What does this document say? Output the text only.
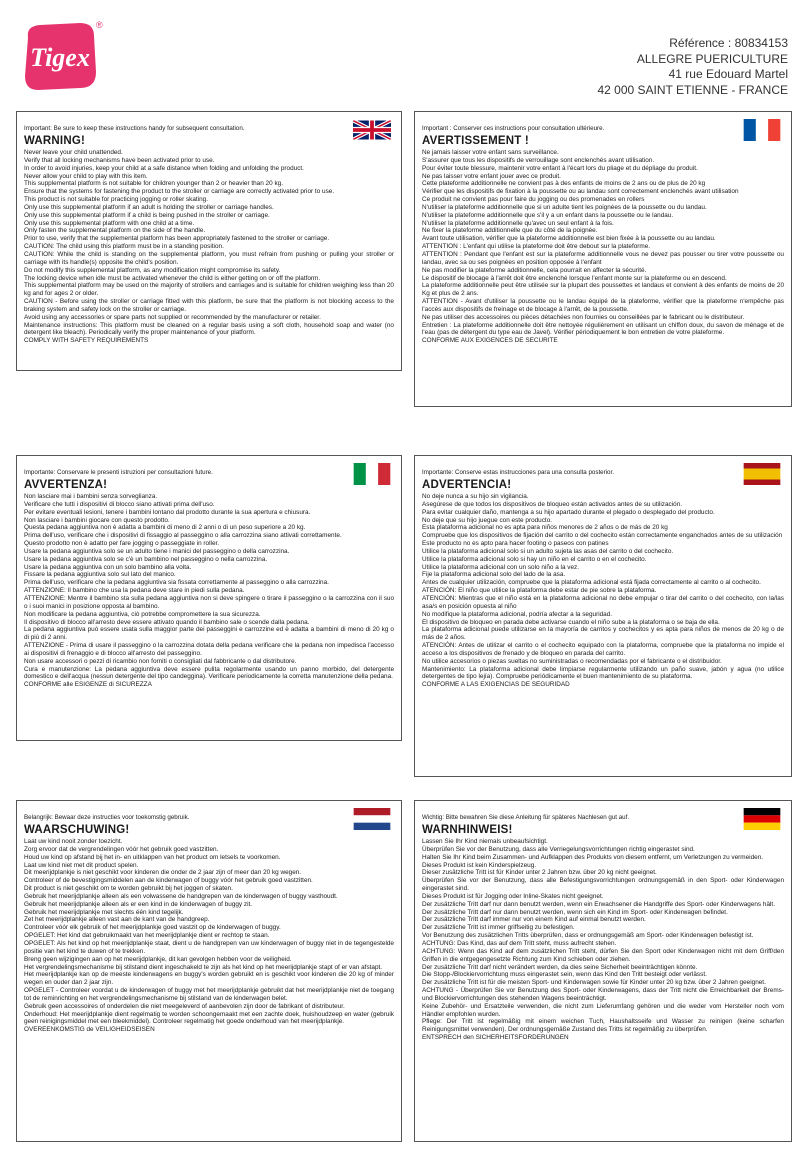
Tigex
®
Référence : 80834153
ALLEGRE PUERICULTURE
41 rue Edouard Martel
42 000 SAINT ETIENNE - FRANCE
Important: Be sure to keep these instructions handy for subsequent consultation.
WARNING!
Never leave your child unattended.
Verify that all locking mechanisms have been activated prior to use.
In order to avoid injuries, keep your child at a safe distance when folding and unfolding the product.
Never allow your child to play with this item.
This supplemental platform is not suitable for children younger than 2 or heavier than 20 kg.
Ensure that the systems for fastening the product to the stroller or carriage are correctly activated prior to use.
This product is not suitable for practicing jogging or roller skating.
Only use this supplemental platform if an adult is holding the stroller or carriage handles.
Only use this supplemental platform if a child is being pushed in the stroller or carriage.
Only use this supplemental platform with one child at a time.
Only fasten the supplemental platform on the side of the handle.
Prior to use, verify that the supplemental platform has been appropriately fastened to the stroller or carriage.
CAUTION: The child using this platform must be in a standing position.
CAUTION: While the child is standing on the supplemental platform, you must refrain from pushing or pulling your stroller or carriage with its handle(s) opposite the child's position.
Do not modify this supplemental platform, as any modification might compromise its safety.
The locking device when idle must be activated whenever the child is either getting on or off the platform.
This supplemental platform may be used on the majority of strollers and carriages and is suitable for children weighing less than 20 kg and for ages 2 or older.
CAUTION - Before using the stroller or carriage fitted with this platform, be sure that the platform is not blocking access to the braking system and safety lock on the stroller or carriage.
Avoid using any accessories or spare parts not supplied or recommended by the manufacturer or retailer.
Maintenance instructions: This platform must be cleaned on a regular basis using a soft cloth, household soap and water (no detergent like bleach). Periodically verify the proper maintenance of your platform.
COMPLY WITH SAFETY REQUIREMENTS
Important : Conserver ces instructions pour consultation ultérieure.
AVERTISSEMENT !
Ne jamais laisser votre enfant sans surveillance.
S'assurer que tous les dispositifs de verrouillage sont enclenchés avant utilisation.
Pour éviter toute blessure, maintenir votre enfant à l'écart lors du pliage et du dépliage du produit.
Ne pas laisser votre enfant jouer avec ce produit.
Cette plateforme additionnelle ne convient pas à des enfants de moins de 2 ans ou de plus de 20 kg
Vérifier que les dispositifs de fixation à la poussette ou au landau sont correctement enclenchés avant utilisation
Ce produit ne convient pas pour faire du jogging ou des promenades en rollers
N'utiliser la plateforme additionnelle que si un adulte tient les poignées de la poussette ou du landau.
N'utiliser la plateforme additionnelle que s'il y a un enfant dans la poussette ou le landau.
N'utiliser la plateforme additionnelle qu'avec un seul enfant à la fois.
Ne fixer la plateforme additionnelle que du côté de la poignée.
Avant toute utilisation, vérifier que la plateforme additionnelle est bien fixée à la poussette ou au landau.
ATTENTION : L'enfant qui utilise la plateforme doit être debout sur la plateforme.
ATTENTION : Pendant que l'enfant est sur la plateforme additionnelle vous ne devez pas pousser ou tirer votre poussette ou landau, avec sa ou ses poignées en position opposée à l'enfant
Ne pas modifier la plateforme additionnelle, cela pourrait en affecter la sécurité.
Le dispositif de blocage à l'arrêt doit être enclenché lorsque l'enfant monte sur la plateforme ou en descend.
La plateforme additionnelle peut être utilisée sur la plupart des poussettes et landaus et convient à des enfants de moins de 20 Kg et plus de 2 ans.
ATTENTION - Avant d'utiliser la poussette ou le landau équipé de la plateforme, vérifier que la plateforme n'empêche pas l'accès aux dispositifs de freinage et de blocage à l'arrêt, de la poussette.
Ne pas utiliser des accessoires ou pièces détachées non fournies ou conseillées par le fabricant ou le distributeur.
Entretien : La plateforme additionnelle doit être nettoyée régulièrement en utilisant un chiffon doux, du savon de ménage et de l'eau (pas de détergent du type eau de Javel). Vérifier périodiquement le bon entretien de votre plateforme.
CONFORME AUX EXIGENCES DE SECURITE
Importante: Conservare le presenti istruzioni per consultazioni future.
AVVERTENZA!
Non lasciare mai i bambini senza sorveglianza.
Verificare che tutti i dispositivi di blocco siano attivati prima dell'uso.
Per evitare eventuali lesioni, tenere i bambini lontano dal prodotto durante la sua apertura e chiusura.
Non lasciare i bambini giocare con questo prodotto.
Questa pedana aggiuntiva non è adatta a bambini di meno di 2 anni o di un peso superiore a 20 kg.
Prima dell'uso, verificare che i dispositivi di fissaggio al passeggino o alla carrozzina siano attivati correttamente.
Questo prodotto non è adatto per fare jogging o passeggiate in roller.
Usare la pedana aggiuntiva solo se un adulto tiene i manici del passeggino o della carrozzina.
Usare la pedana aggiuntiva solo se c'è un bambino nel passeggino o nella carrozzina.
Usare la pedana aggiuntiva con un solo bambino alla volta.
Fissare la pedana aggiuntiva solo sul lato del manico.
Prima dell'uso, verificare che la pedana aggiuntiva sia fissata correttamente al passeggino o alla carrozzina.
ATTENZIONE: Il bambino che usa la pedana deve stare in piedi sulla pedana.
ATTENZIONE: Mentre il bambino sta sulla pedana aggiuntiva non si deve spingere o tirare il passeggino o la carrozzina con il suo o i suoi manici in posizione opposta al bambino.
Non modificare la pedana aggiuntiva, ciò potrebbe compromettere la sua sicurezza.
Il dispositivo di blocco all'arresto deve essere attivato quando il bambino sale o scende dalla pedana.
La pedana aggiuntiva può essere usata sulla maggior parte dei passeggini e carrozzine ed è adatta a bambini di meno di 20 kg o di più di 2 anni.
ATTENZIONE - Prima di usare il passeggino o la carrozzina dotata della pedana verificare che la pedana non impedisca l'accesso ai dispositivi di frenaggio e di blocco all'arresto del passeggino.
Non usare accessori o pezzi di ricambio non forniti o consigliati dal fabbricante o dal distributore.
Cura e manutenzione: La pedana aggiuntiva deve essere pulita regolarmente usando un panno morbido, del detergente domestico e dell'acqua (nessun detergente del tipo candeggina). Verificare periodicamente la corretta manutenzione della pedana.
CONFORME alle ESIGENZE di SICUREZZA
Importante: Conserve estas instrucciones para una consulta posterior.
ADVERTENCIA!
No deje nunca a su hijo sin vigilancia.
Asegúrese de que todos los dispositivos de bloqueo están activados antes de su utilización.
Para evitar cualquier daño, mantenga a su hijo apartado durante el plegado o desplegado del producto.
No deje que su hijo juegue con este producto.
Esta plataforma adicional no es apta para niños menores de 2 años o de más de 20 kg
Compruebe que los dispositivos de fijación del carrito o del cochecito están correctamente enganchados antes de su utilización
Este producto no es apto para hacer footing o paseos con patines
Utilice la plataforma adicional solo si un adulto sujeta las asas del carrito o del cochecito.
Utilice la plataforma adicional solo si hay un niño en el carrito o en el cochecito.
Utilice la plataforma adicional con un solo niño a la vez.
Fije la plataforma adicional solo del lado de la asa.
Antes de cualquier utilización, compruebe que la plataforma adicional está fijada correctamente al carrito o al cochecito.
ATENCIÓN: El niño que utilice la plataforma debe estar de pie sobre la plataforma.
ATENCIÓN: Mientras que el niño está en la plataforma adicional no debe empujar o tirar del carrito o del cochecito, con la/las asa/s en posición opuesta al niño
No modifique la plataforma adicional, podría afectar a la seguridad.
El dispositivo de bloqueo en parada debe activarse cuando el niño sube a la plataforma o se baja de ella.
La plataforma adicional puede utilizarse en la mayoría de carritos y cochecitos y es apta para niños de menos de 20 kg o de más de 2 años.
ATENCIÓN: Antes de utilizar el carrito o el cochecito equipado con la plataforma, compruebe que la plataforma no impide el acceso a los dispositivos de frenado y de bloqueo en parada del carrito.
No utilice accesorios o piezas sueltas no suministradas o recomendadas por el fabricante o el distribuidor.
Mantenimiento: La plataforma adicional debe limpiarse regularmente utilizando un paño suave, jabón y agua (no utilice detergentes de tipo lejía). Compruebe periódicamente el buen mantenimiento de su plataforma.
CONFORME A LAS EXIGENCIAS DE SEGURIDAD
Belangrijk: Bewaar deze instructies voor toekomstig gebruik.
WAARSCHUWING!
Laat uw kind nooit zonder toezicht.
Zorg ervoor dat de vergrendelingen vóór het gebruik goed vastzitten.
Houd uw kind op afstand bij het in- en uitklappen van het product om letsels te voorkomen.
Laat uw kind niet met dit product spelen.
Dit meerijdplankje is niet geschikt voor kinderen die onder de 2 jaar zijn of meer dan 20 kg wegen.
Controleer of de bevestigingsmiddelen aan de kinderwagen of buggy vóór het gebruik goed vastzitten.
Dit product is niet geschikt om te worden gebruikt bij het joggen of skaten.
Gebruik het meerijdplankje alleen als een volwassene de handgrepen van de kinderwagen of buggy vasthoudt.
Gebruik het meerijdplankje alleen als er een kind in de kinderwagen of buggy zit.
Gebruik het meerijdplankje met slechts één kind tegelijk.
Zet het meerijdplankje alleen vast aan de kant van de handgreep.
Controleer vóór elk gebruik of het meerijdplankje goed vastzit op de kinderwagen of buggy.
OPGELET: Het kind dat gebruikmaakt van het meerijdplankje dient er rechtop te staan.
OPGELET: Als het kind op het meerijdplankje staat, dient u de handgrepen van uw kinderwagen of buggy niet in de tegengestelde positie van het kind te duwen of te trekken.
Breng geen wijzigingen aan op het meerijdplankje, dit kan gevolgen hebben voor de veiligheid.
Het vergrendelingsmechanisme bij stilstand dient ingeschakeld te zijn als het kind op het meerijdplankje stapt of er van afstapt.
Het meerijdplankje kan op de meeste kinderwagens en buggy's worden gebruikt en is geschikt voor kinderen die 20 kg of minder wegen en ouder dan 2 jaar zijn.
OPGELET - Controleer voordat u de kinderwagen of buggy met het meerijdplankje gebruikt dat het meerijdplankje niet de toegang tot de reminrichting en het vergrendelingsmechanisme bij stilstand van de kinderwagen belet.
Gebruik geen accessoires of onderdelen die niet meegeleverd of aanbevolen zijn door de fabrikant of distributeur.
Onderhoud: Het meerijdplankje dient regelmatig te worden schoongemaakt met een zachte doek, huishoudzeep en water (gebruik geen reinigingsmiddel met een bleekmiddel). Controleer regelmatig het goede onderhoud van het meerijdplankje.
OVEREENKOMSTIG de VEILIGHEIDSEISEN
Wichtig: Bitte bewahren Sie diese Anleitung für späteres Nachlesen gut auf.
WARNHINWEIS!
Lassen Sie Ihr Kind niemals unbeaufsichtigt.
Überprüfen Sie vor der Benutzung, dass alle Verriegelungsvorrichtungen richtig eingerastet sind.
Halten Sie Ihr Kind beim Zusammen- und Aufklappen des Produkts von diesem entfernt, um Verletzungen zu vermeiden.
Dieses Produkt ist kein Kinderspielzeug.
Dieser zusätzliche Tritt ist für Kinder unter 2 Jahren bzw. über 20 kg nicht geeignet.
Überprüfen Sie vor der Benutzung, dass alle Befestigungsvorrichtungen ordnungsgemäß in den Sport- oder Kinderwagen eingerastet sind.
Dieses Produkt ist für Jogging oder Inline-Skates nicht geeignet.
Der zusätzliche Tritt darf nur dann benutzt werden, wenn ein Erwachsener die Handgriffe des Sport- oder Kinderwagens hält.
Der zusätzliche Tritt darf nur dann benutzt werden, wenn sich ein Kind im Sport- oder Kinderwagen befindet.
Der zusätzliche Tritt darf immer nur von einem Kind auf einmal benutzt werden.
Der zusätzliche Tritt ist immer griffseitig zu befestigen.
Vor Benutzung des zusätzlichen Tritts überprüfen, dass er ordnungsgemäß am Sport- oder Kinderwagen befestigt ist.
ACHTUNG: Das Kind, das auf dem Tritt steht, muss aufrecht stehen.
ACHTUNG: Wenn das Kind auf dem zusätzlichen Tritt steht, dürfen Sie den Sport oder Kinderwagen nicht mit dem Griff/den Griffen in die entgegengesetzte Richtung zum Kind schieben oder ziehen.
Der zusätzliche Tritt darf nicht verändert werden, da dies seine Sicherheit beeinträchtigen könnte.
Die Stopp-/Blockiervorrichtung muss eingerastet sein, wenn das Kind den Tritt besteigt oder verlässt.
Der zusätzliche Tritt ist für die meisten Sport- und Kinderwagen sowie für Kinder unter 20 kg bzw. über 2 Jahren geeignet.
ACHTUNG - Überprüfen Sie vor Benutzung des Sport- oder Kinderwagens, dass der Tritt nicht die Erreichbarkeit der Brems- und Blockiervorrichtungen des stehenden Wagens beeinträchtigt.
Keine Zubehör- und Ersatzteile verwenden, die nicht zum Lieferumfang gehören und die weder vom Hersteller noch vom Händler empfohlen wurden.
Pflege: Der Tritt ist regelmäßig mit einem weichen Tuch, Haushaltsseife und Wasser zu reinigen (keine scharfen Reinigungsmittel verwenden). Der ordnungsgemäße Zustand des Tritts ist regelmäßig zu überprüfen.
ENTSPRECH den SICHERHEITSFORDERUNGEN
